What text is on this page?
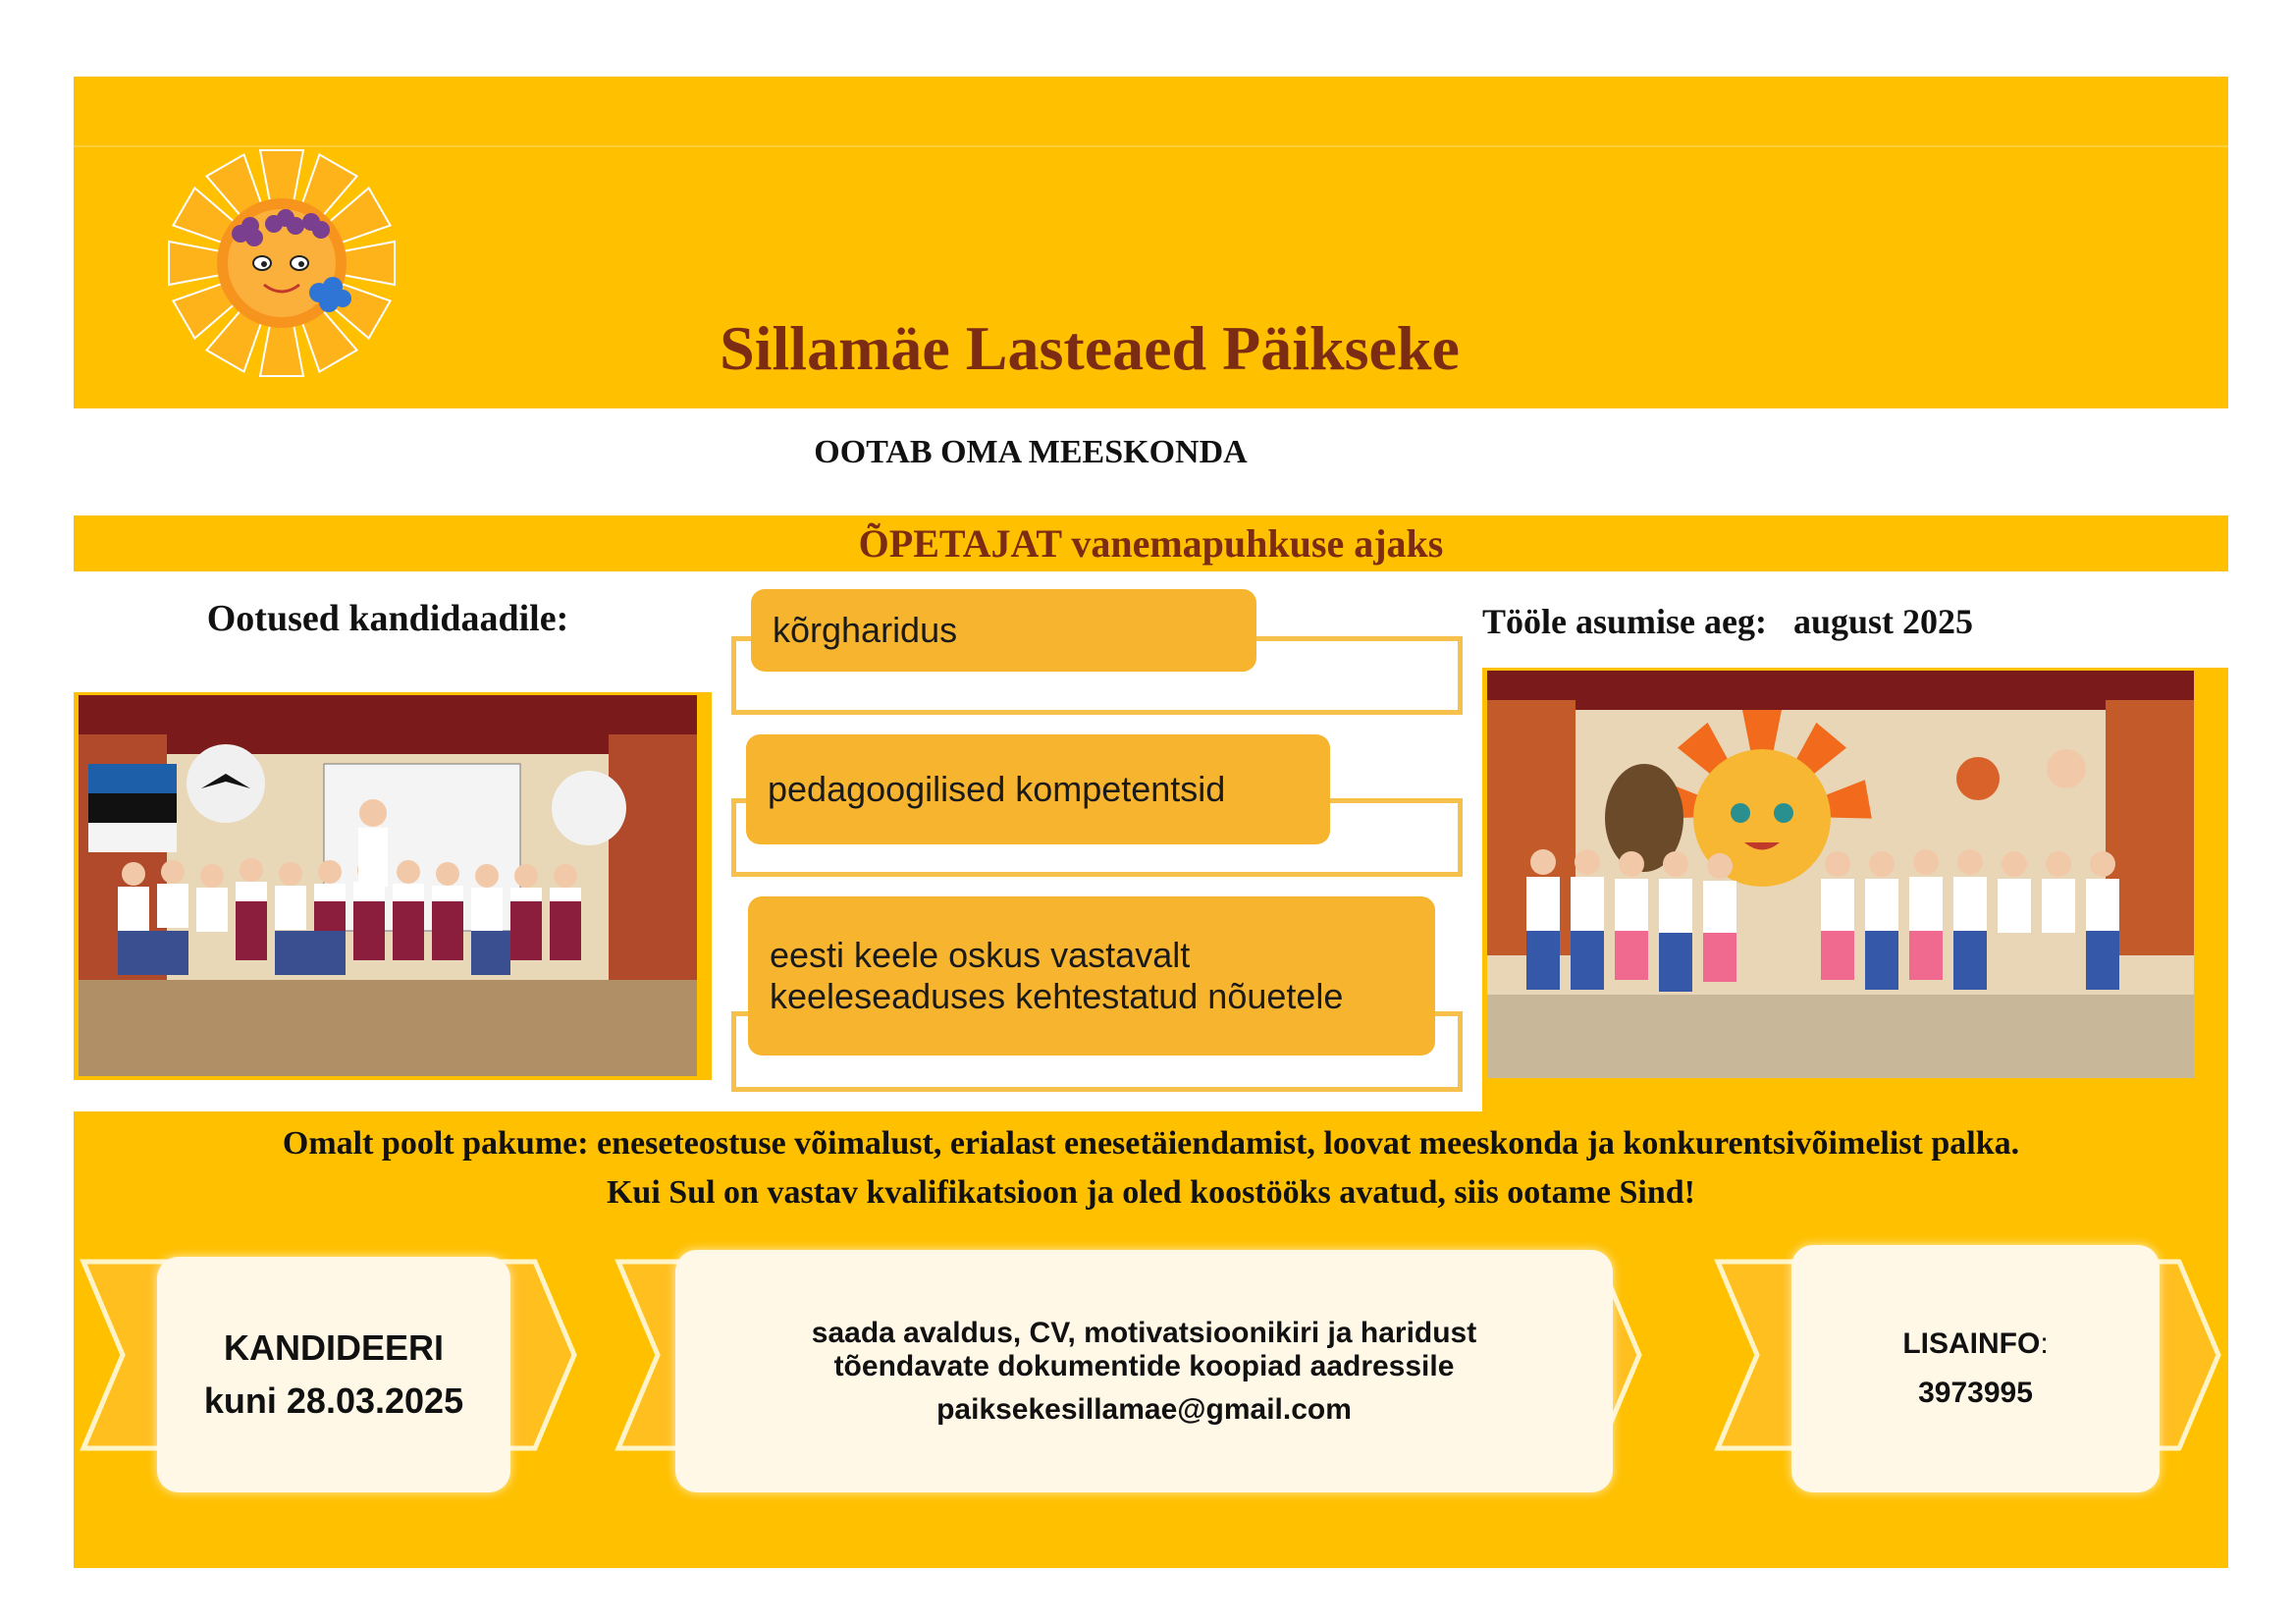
Sillamäe Lasteaed Päikseke
OOTAB OMA MEESKONDA
ÕPETAJAT vanemapuhkuse ajaks
Ootused kandidaadile:	Tööle asumise aeg:   august 2025
kõrgharidus
pedagoogilised kompetentsid
eesti keele oskus vastavalt keeleseaduses kehtestatud nõuetele
Omalt poolt pakume: eneseteostuse võimalust, erialast enesetäiendamist, loovat meeskonda ja konkurentsivõimelist palka.
Kui Sul on vastav kvalifikatsioon ja oled koostööks avatud, siis ootame Sind!
KANDIDEERI
kuni 28.03.2025
saada avaldus, CV, motivatsioonikiri ja haridust
tõendavate dokumentide koopiad aadressile
paiksekesillamae@gmail.com
LISAINFO:
3973995
